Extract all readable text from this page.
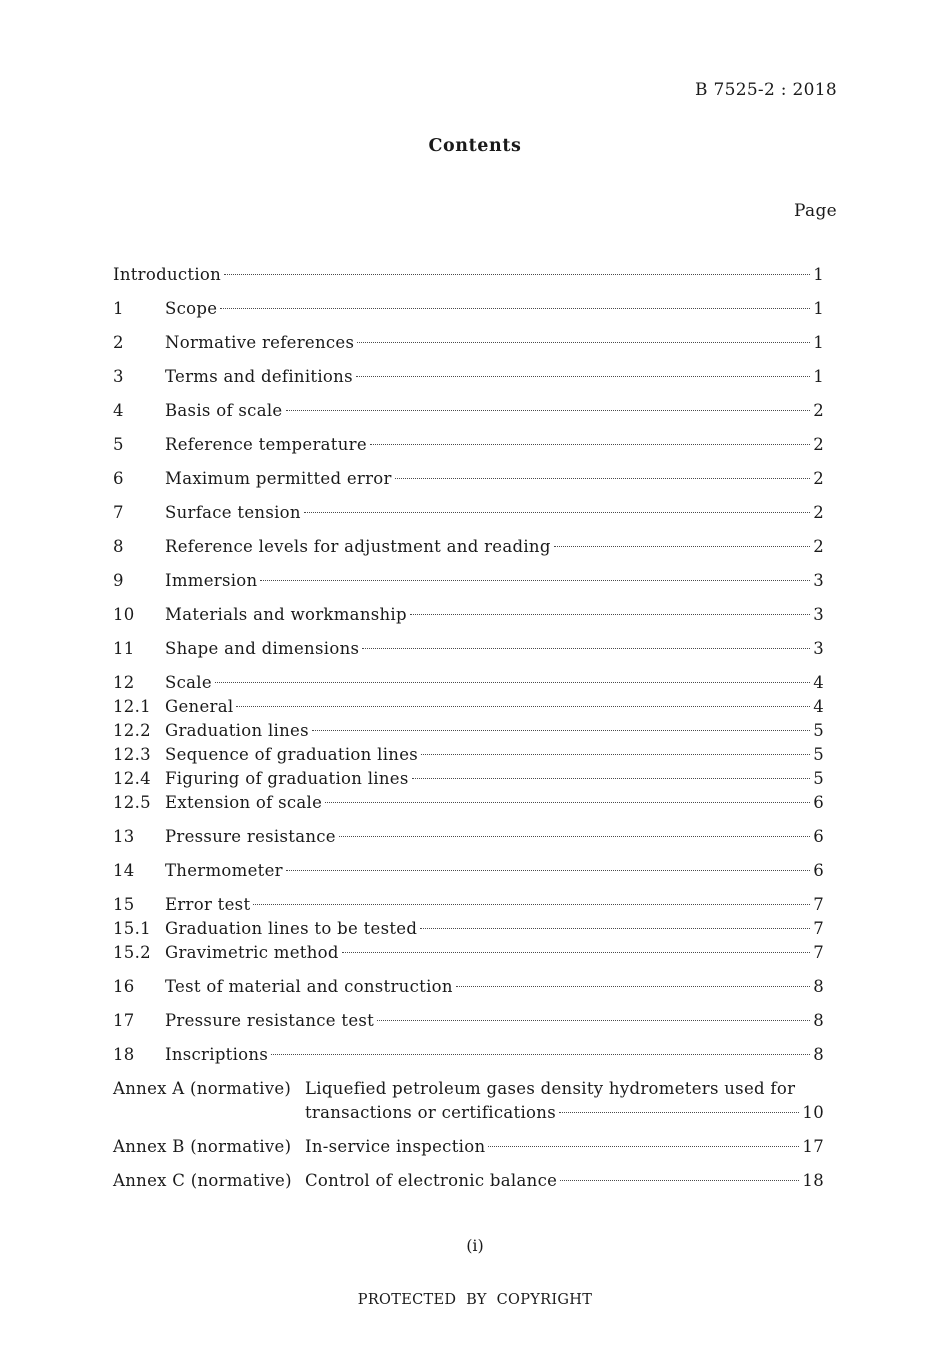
B 7525-2 : 2018
Contents
Page
Introduction	1
1 Scope	1
2 Normative references	1
3 Terms and definitions	1
4 Basis of scale	2
5 Reference temperature	2
6 Maximum permitted error	2
7 Surface tension	2
8 Reference levels for adjustment and reading	2
9 Immersion	3
10 Materials and workmanship	3
11 Shape and dimensions	3
12 Scale	4
12.1 General	4
12.2 Graduation lines	5
12.3 Sequence of graduation lines	5
12.4 Figuring of graduation lines	5
12.5 Extension of scale	6
13 Pressure resistance	6
14 Thermometer	6
15 Error test	7
15.1 Graduation lines to be tested	7
15.2 Gravimetric method	7
16 Test of material and construction	8
17 Pressure resistance test	8
18 Inscriptions	8
Annex A (normative) Liquefied petroleum gases density hydrometers used for
transactions or certifications	10
Annex B (normative) In-service inspection	17
Annex C (normative) Control of electronic balance	18
(i)
PROTECTED BY COPYRIGHT
